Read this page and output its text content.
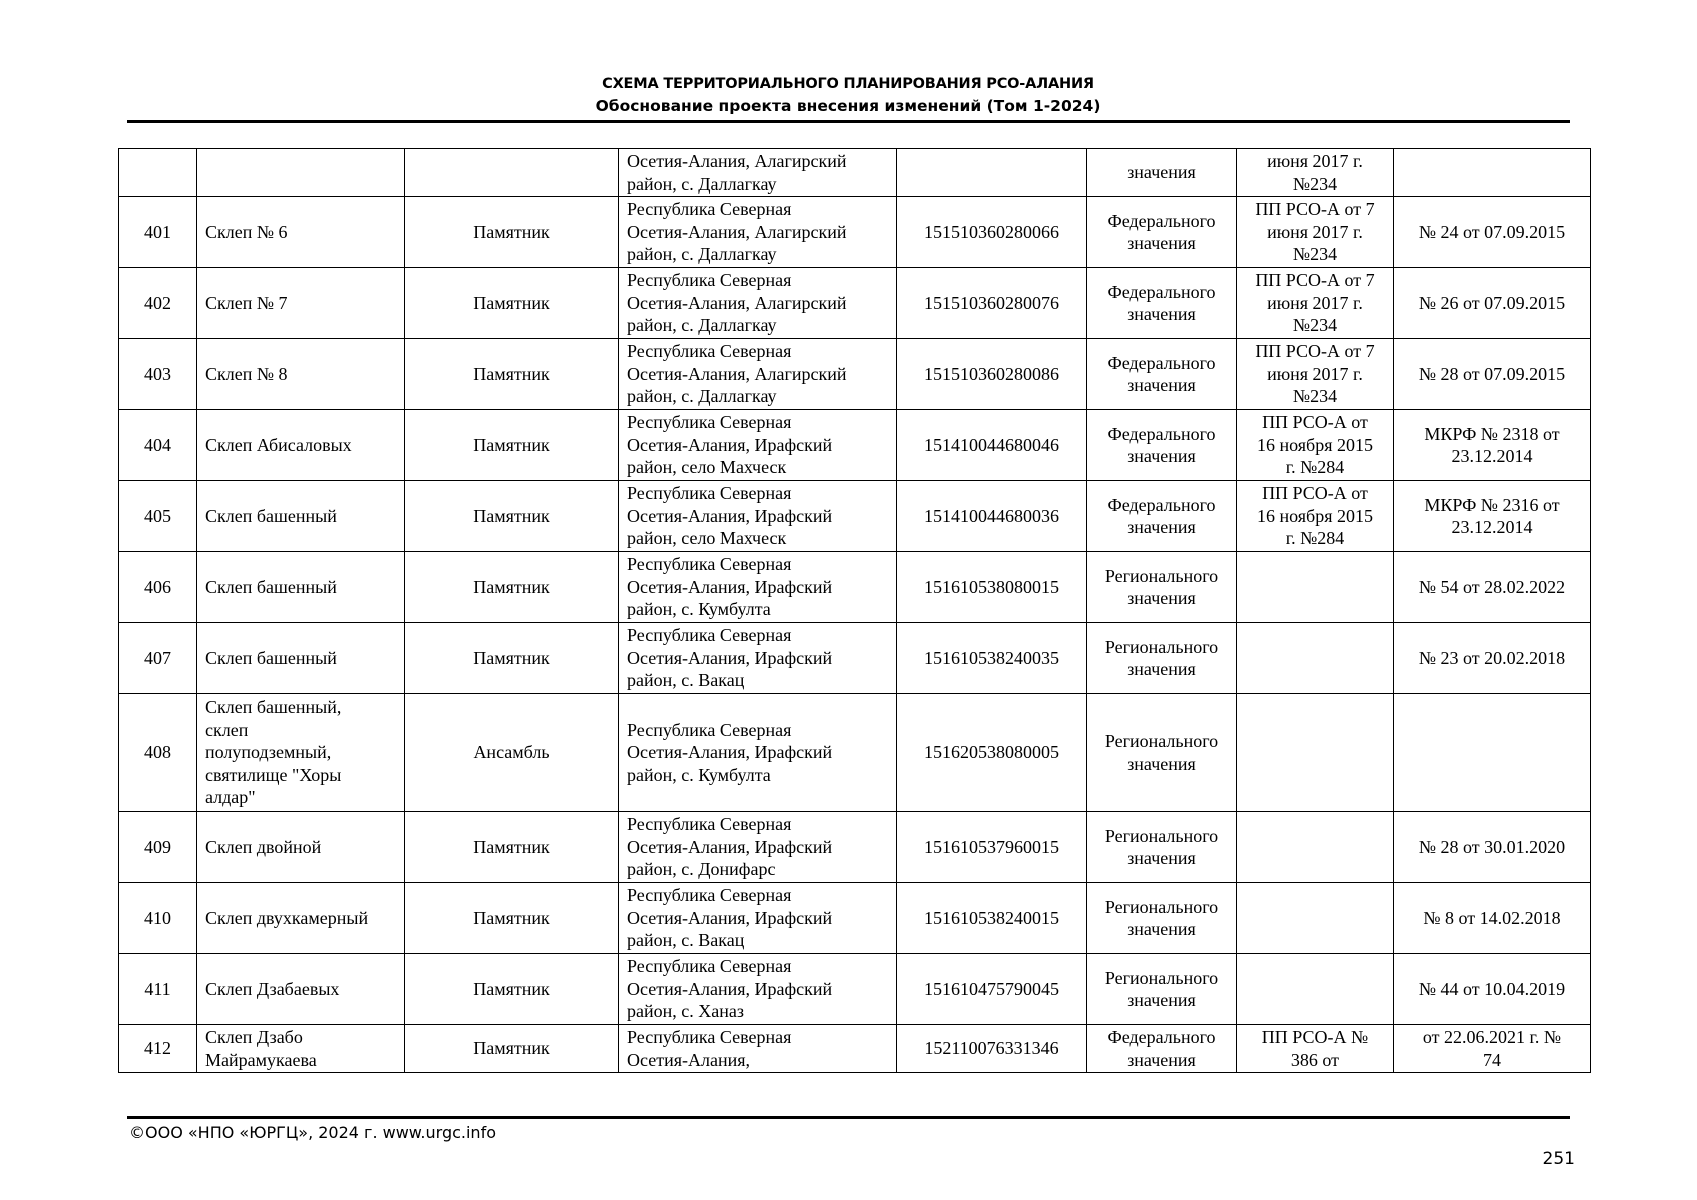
СХЕМА ТЕРРИТОРИАЛЬНОГО ПЛАНИРОВАНИЯ РСО-АЛАНИЯ
Обоснование проекта внесения изменений (Том 1-2024)
			Осетия-Алания, Алагирский
район, с. Даллагкау		значения	июня 2017 г.
№234	
401	Склеп № 6	Памятник	Республика Северная
Осетия-Алания, Алагирский
район, с. Даллагкау	151510360280066	Федерального
значения	ПП РСО-А от 7
июня 2017 г.
№234	№ 24 от 07.09.2015
402	Склеп № 7	Памятник	Республика Северная
Осетия-Алания, Алагирский
район, с. Даллагкау	151510360280076	Федерального
значения	ПП РСО-А от 7
июня 2017 г.
№234	№ 26 от 07.09.2015
403	Склеп № 8	Памятник	Республика Северная
Осетия-Алания, Алагирский
район, с. Даллагкау	151510360280086	Федерального
значения	ПП РСО-А от 7
июня 2017 г.
№234	№ 28 от 07.09.2015
404	Склеп Абисаловых	Памятник	Республика Северная
Осетия-Алания, Ирафский
район, село Махческ	151410044680046	Федерального
значения	ПП РСО-А от
16 ноября 2015
г. №284	МКРФ № 2318 от
23.12.2014
405	Склеп башенный	Памятник	Республика Северная
Осетия-Алания, Ирафский
район, село Махческ	151410044680036	Федерального
значения	ПП РСО-А от
16 ноября 2015
г. №284	МКРФ № 2316 от
23.12.2014
406	Склеп башенный	Памятник	Республика Северная
Осетия-Алания, Ирафский
район, с. Кумбулта	151610538080015	Регионального
значения		№ 54 от 28.02.2022
407	Склеп башенный	Памятник	Республика Северная
Осетия-Алания, Ирафский
район, с. Вакац	151610538240035	Регионального
значения		№ 23 от 20.02.2018
408	Склеп башенный,
склеп
полуподземный,
святилище "Хоры
алдар"	Ансамбль	Республика Северная
Осетия-Алания, Ирафский
район, с. Кумбулта	151620538080005	Регионального
значения		
409	Склеп двойной	Памятник	Республика Северная
Осетия-Алания, Ирафский
район, с. Донифарс	151610537960015	Регионального
значения		№ 28 от 30.01.2020
410	Склеп двухкамерный	Памятник	Республика Северная
Осетия-Алания, Ирафский
район, с. Вакац	151610538240015	Регионального
значения		№ 8 от 14.02.2018
411	Склеп Дзабаевых	Памятник	Республика Северная
Осетия-Алания, Ирафский
район, с. Ханаз	151610475790045	Регионального
значения		№ 44 от 10.04.2019
412	Склеп Дзабо
Майрамукаева	Памятник	Республика Северная
Осетия-Алания,	152110076331346	Федерального
значения	ПП РСО-А №
386 от	от 22.06.2021 г. №
74
©ООО «НПО «ЮРГЦ», 2024 г. www.urgc.info
251
